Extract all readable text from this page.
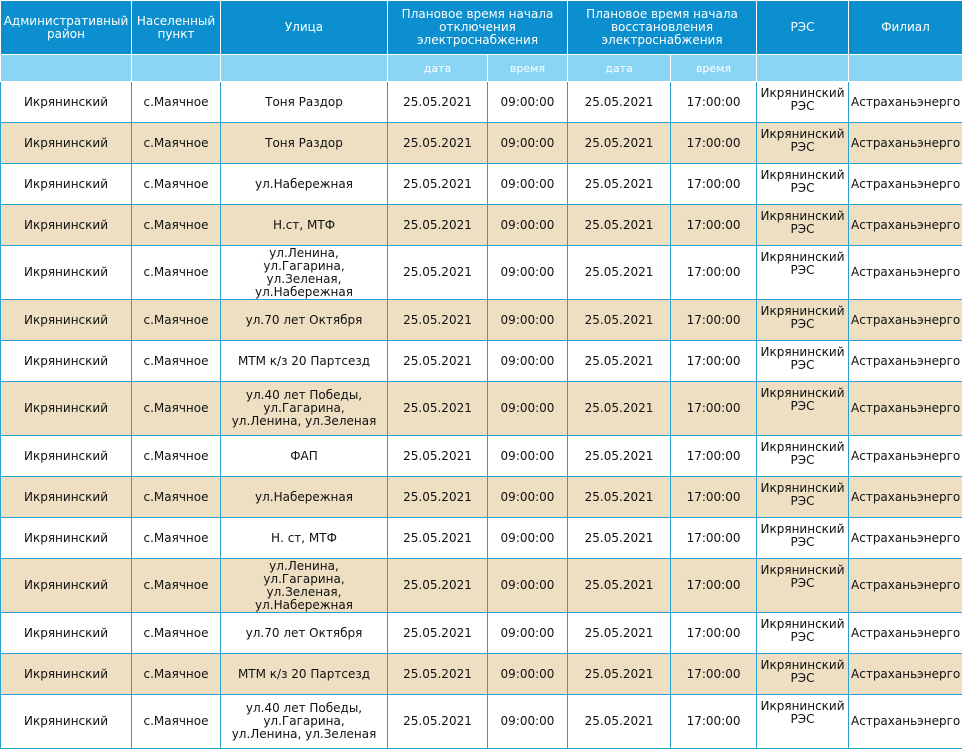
Административный район	Населенный пункт	Улица	Плановое время начала отключения электроснабжения		Плановое время начала восстановления электроснабжения		РЭС	Филиал
			дата	время	дата	время		
Икрянинский	с.Маячное	Тоня Раздор	25.05.2021	09:00:00	25.05.2021	17:00:00	Икрянинский РЭС	Астраханьэнерго
Икрянинский	с.Маячное	Тоня Раздор	25.05.2021	09:00:00	25.05.2021	17:00:00	Икрянинский РЭС	Астраханьэнерго
Икрянинский	с.Маячное	ул.Набережная	25.05.2021	09:00:00	25.05.2021	17:00:00	Икрянинский РЭС	Астраханьэнерго
Икрянинский	с.Маячное	Н.ст, МТФ	25.05.2021	09:00:00	25.05.2021	17:00:00	Икрянинский РЭС	Астраханьэнерго
Икрянинский	с.Маячное	ул.Ленина, ул.Гагарина, ул.Зеленая, ул.Набережная	25.05.2021	09:00:00	25.05.2021	17:00:00	Икрянинский РЭС	Астраханьэнерго
Икрянинский	с.Маячное	ул.70 лет Октября	25.05.2021	09:00:00	25.05.2021	17:00:00	Икрянинский РЭС	Астраханьэнерго
Икрянинский	с.Маячное	МТМ к/з 20 Партсезд	25.05.2021	09:00:00	25.05.2021	17:00:00	Икрянинский РЭС	Астраханьэнерго
Икрянинский	с.Маячное	ул.40 лет Победы, ул.Гагарина, ул.Ленина, ул.Зеленая	25.05.2021	09:00:00	25.05.2021	17:00:00	Икрянинский РЭС	Астраханьэнерго
Икрянинский	с.Маячное	ФАП	25.05.2021	09:00:00	25.05.2021	17:00:00	Икрянинский РЭС	Астраханьэнерго
Икрянинский	с.Маячное	ул.Набережная	25.05.2021	09:00:00	25.05.2021	17:00:00	Икрянинский РЭС	Астраханьэнерго
Икрянинский	с.Маячное	Н. ст, МТФ	25.05.2021	09:00:00	25.05.2021	17:00:00	Икрянинский РЭС	Астраханьэнерго
Икрянинский	с.Маячное	ул.Ленина, ул.Гагарина, ул.Зеленая, ул.Набережная	25.05.2021	09:00:00	25.05.2021	17:00:00	Икрянинский РЭС	Астраханьэнерго
Икрянинский	с.Маячное	ул.70 лет Октября	25.05.2021	09:00:00	25.05.2021	17:00:00	Икрянинский РЭС	Астраханьэнерго
Икрянинский	с.Маячное	МТМ к/з 20 Партсезд	25.05.2021	09:00:00	25.05.2021	17:00:00	Икрянинский РЭС	Астраханьэнерго
Икрянинский	с.Маячное	ул.40 лет Победы, ул.Гагарина, ул.Ленина, ул.Зеленая	25.05.2021	09:00:00	25.05.2021	17:00:00	Икрянинский РЭС	Астраханьэнерго
